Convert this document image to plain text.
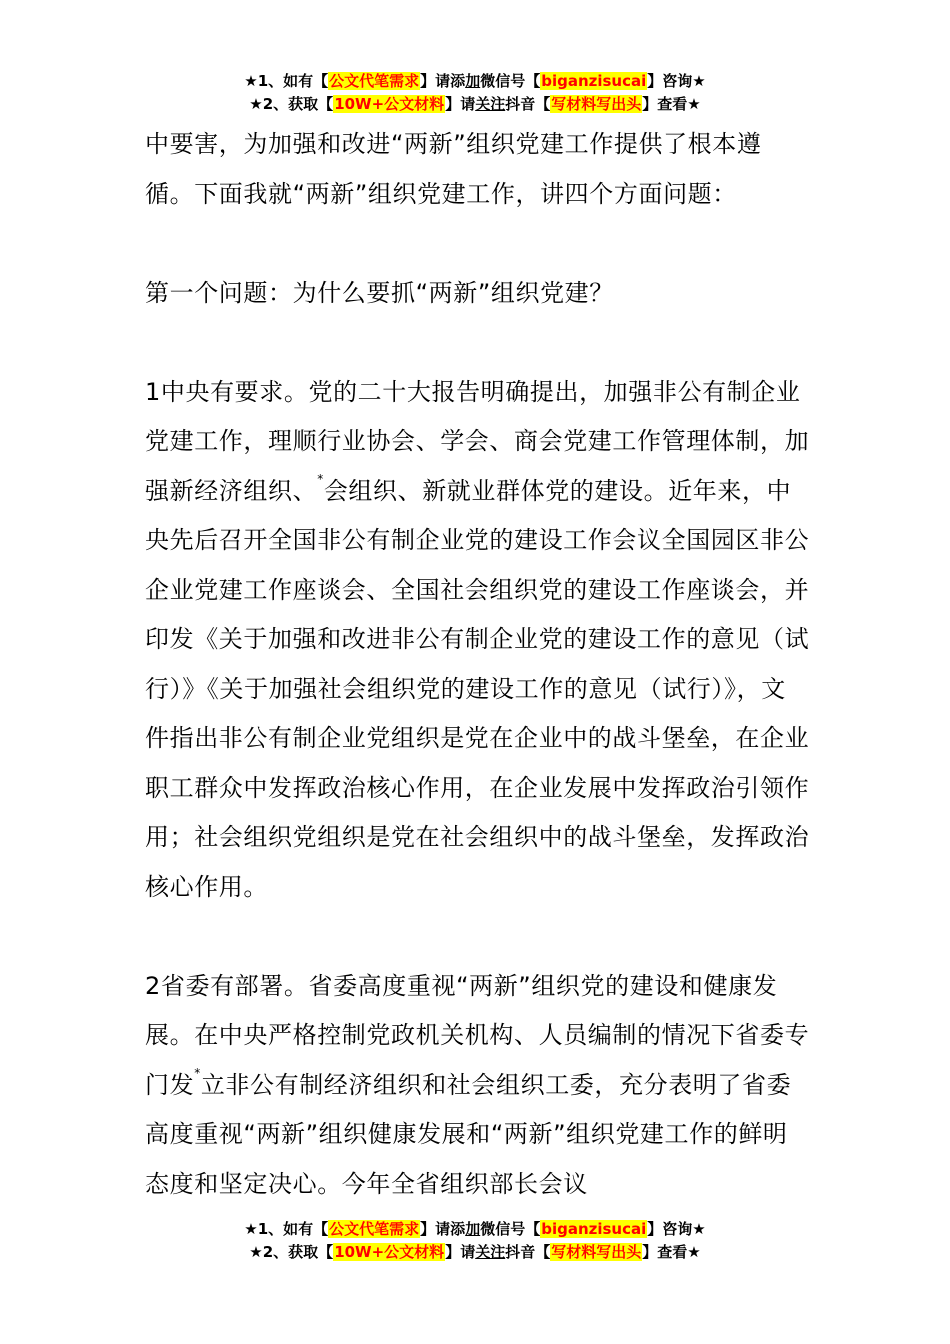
★1、如有【公文代笔需求】请添加微信号【biganzisucai】咨询★
★2、获取【10W+公文材料】请关注抖音【写材料写出头】查看★

中要害，为加强和改进“两新”组织党建工作提供了根本遵循。下面我就“两新”组织党建工作，讲四个方面问题：

第一个问题：为什么要抓“两新”组织党建？

1中央有要求。党的二十大报告明确提出，加强非公有制企业党建工作，理顺行业协会、学会、商会党建工作管理体制，加强新经济组织、*会组织、新就业群体党的建设。近年来，中央先后召开全国非公有制企业党的建设工作会议全国园区非公企业党建工作座谈会、全国社会组织党的建设工作座谈会，并印发《关于加强和改进非公有制企业党的建设工作的意见（试行）》《关于加强社会组织党的建设工作的意见（试行）》，文件指出非公有制企业党组织是党在企业中的战斗堡垒，在企业职工群众中发挥政治核心作用，在企业发展中发挥政治引领作用；社会组织党组织是党在社会组织中的战斗堡垒，发挥政治核心作用。

2省委有部署。省委高度重视“两新”组织党的建设和健康发展。在中央严格控制党政机关机构、人员编制的情况下省委专门发*立非公有制经济组织和社会组织工委，充分表明了省委高度重视“两新”组织健康发展和“两新”组织党建工作的鲜明态度和坚定决心。今年全省组织部长会议

★1、如有【公文代笔需求】请添加微信号【biganzisucai】咨询★
★2、获取【10W+公文材料】请关注抖音【写材料写出头】查看★
